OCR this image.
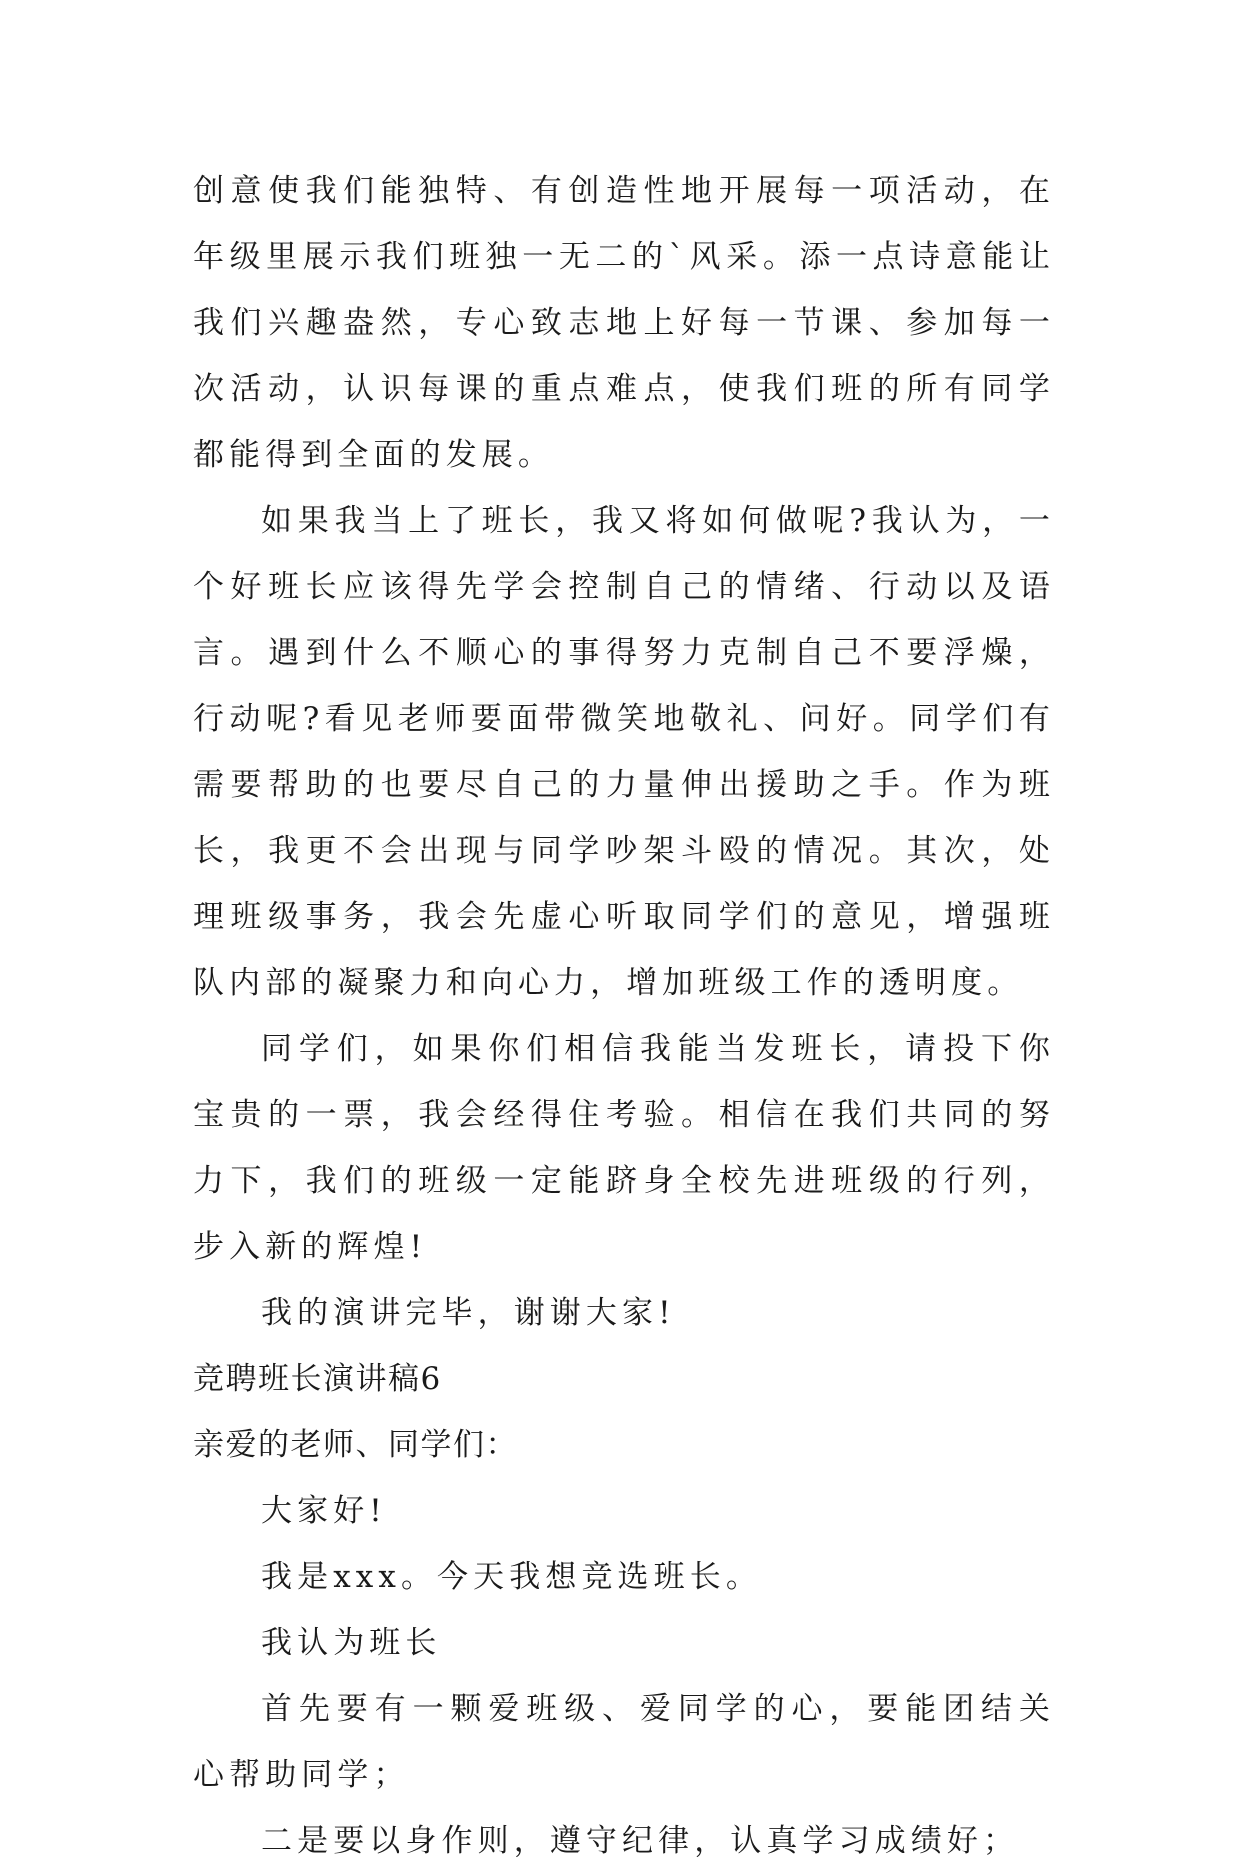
创意使我们能独特、有创造性地开展每一项活动，在年级里展示我们班独一无二的`风采。添一点诗意能让我们兴趣盎然，专心致志地上好每一节课、参加每一次活动，认识每课的重点难点，使我们班的所有同学都能得到全面的发展。

如果我当上了班长，我又将如何做呢?我认为，一个好班长应该得先学会控制自己的情绪、行动以及语言。遇到什么不顺心的事得努力克制自己不要浮燥，行动呢?看见老师要面带微笑地敬礼、问好。同学们有需要帮助的也要尽自己的力量伸出援助之手。作为班长，我更不会出现与同学吵架斗殴的情况。其次，处理班级事务，我会先虚心听取同学们的意见，增强班队内部的凝聚力和向心力，增加班级工作的透明度。

同学们，如果你们相信我能当发班长，请投下你宝贵的一票，我会经得住考验。相信在我们共同的努力下，我们的班级一定能跻身全校先进班级的行列，步入新的辉煌!

我的演讲完毕，谢谢大家!

竞聘班长演讲稿6

亲爱的老师、同学们：

大家好!

我是xxx。今天我想竞选班长。

我认为班长

首先要有一颗爱班级、爱同学的心，要能团结关心帮助同学；

二是要以身作则，遵守纪律，认真学习成绩好；
